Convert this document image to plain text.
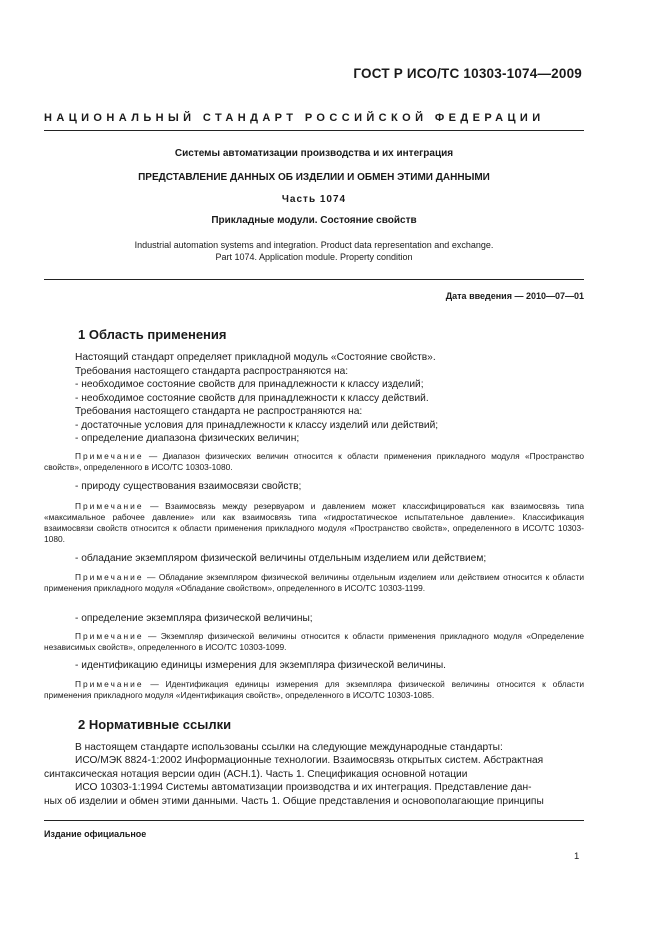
ГОСТ Р ИСО/ТС 10303-1074—2009
НАЦИОНАЛЬНЫЙ СТАНДАРТ РОССИЙСКОЙ ФЕДЕРАЦИИ
Системы автоматизации производства и их интеграция
ПРЕДСТАВЛЕНИЕ ДАННЫХ ОБ ИЗДЕЛИИ И ОБМЕН ЭТИМИ ДАННЫМИ
Часть 1074
Прикладные модули. Состояние свойств
Industrial automation systems and integration. Product data representation and exchange.
Part 1074. Application module. Property condition
Дата введения — 2010—07—01
1 Область применения
Настоящий стандарт определяет прикладной модуль «Состояние свойств».
Требования настоящего стандарта распространяются на:
- необходимое состояние свойств для принадлежности к классу изделий;
- необходимое состояние свойств для принадлежности к классу действий.
Требования настоящего стандарта не распространяются на:
- достаточные условия для принадлежности к классу изделий или действий;
- определение диапазона физических величин;
Примечание — Диапазон физических величин относится к области применения прикладного модуля «Пространство свойств», определенного в ИСО/ТС 10303-1080.
- природу существования взаимосвязи свойств;
Примечание — Взаимосвязь между резервуаром и давлением может классифицироваться как взаимосвязь типа «максимальное рабочее давление» или как взаимосвязь типа «гидростатическое испытательное давление». Классификация взаимосвязи свойств относится к области применения прикладного модуля «Пространство свойств», определенного в ИСО/ТС 10303-1080.
- обладание экземпляром физической величины отдельным изделием или действием;
Примечание — Обладание экземпляром физической величины отдельным изделием или действием относится к области применения прикладного модуля «Обладание свойством», определенного в ИСО/ТС 10303-1199.
- определение экземпляра физической величины;
Примечание — Экземпляр физической величины относится к области применения прикладного модуля «Определение независимых свойств», определенного в ИСО/ТС 10303-1099.
- идентификацию единицы измерения для экземпляра физической величины.
Примечание — Идентификация единицы измерения для экземпляра физической величины относится к области применения прикладного модуля «Идентификация свойств», определенного в ИСО/ТС 10303-1085.
2 Нормативные ссылки
В настоящем стандарте использованы ссылки на следующие международные стандарты:
ИСО/МЭК 8824-1:2002 Информационные технологии. Взаимосвязь открытых систем. Абстрактная
синтаксическая нотация версии один (АСН.1). Часть 1. Спецификация основной нотации
ИСО 10303-1:1994 Системы автоматизации производства и их интеграция. Представление дан-
ных об изделии и обмен этими данными. Часть 1. Общие представления и основополагающие принципы
Издание официальное
1
